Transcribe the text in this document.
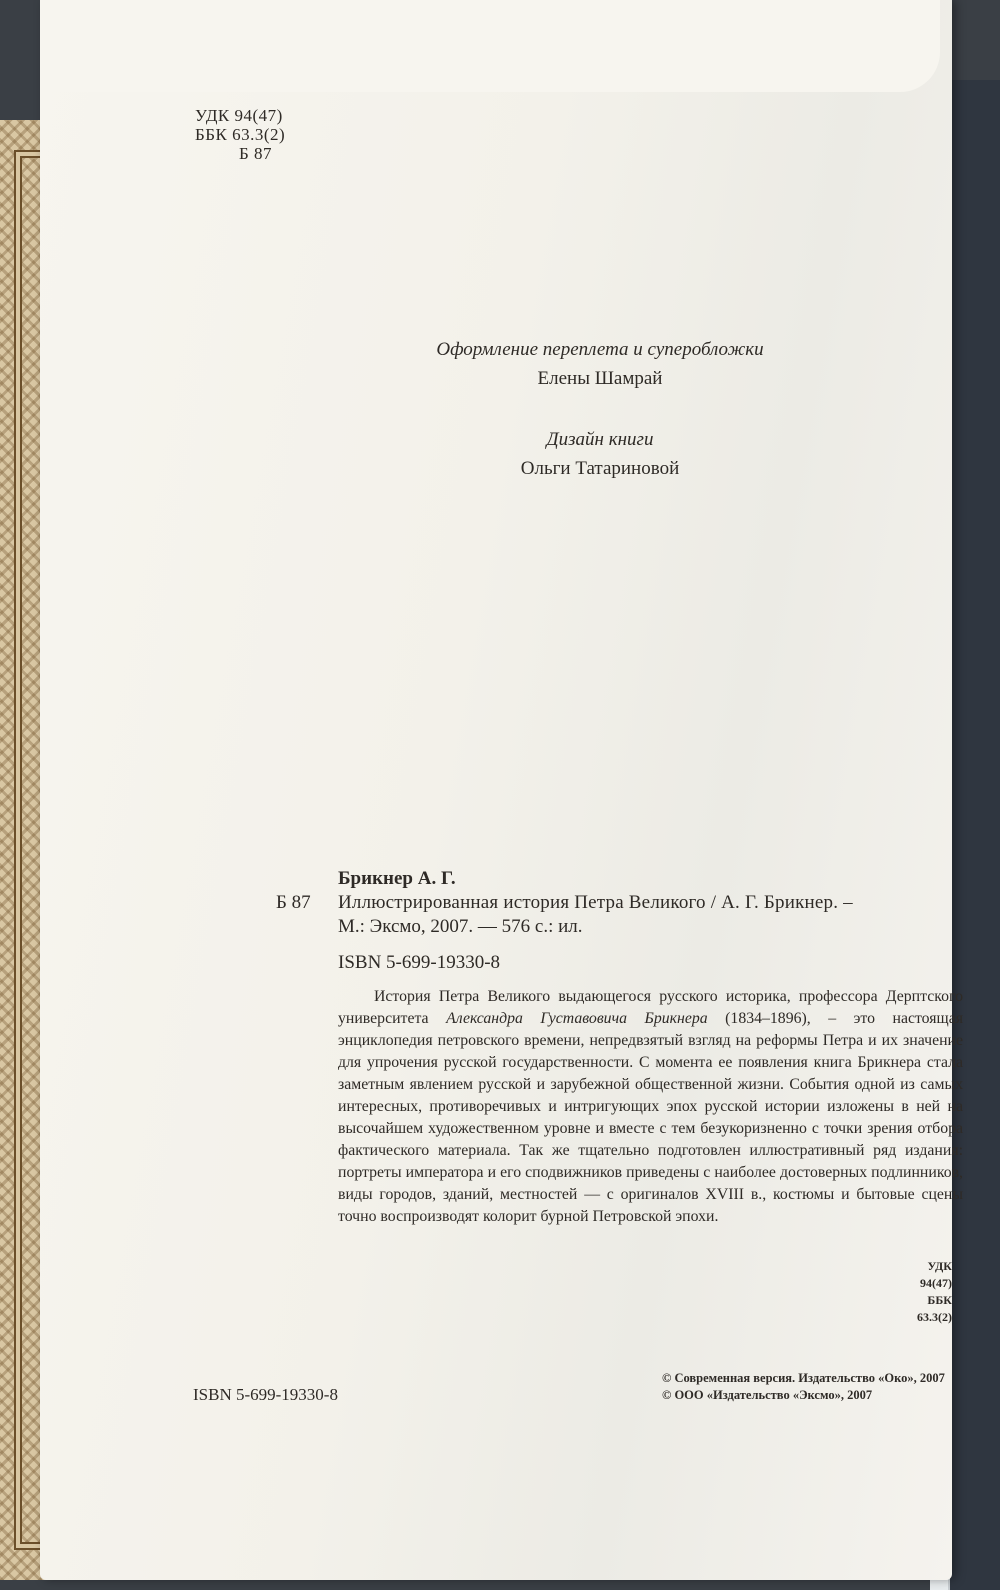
УДК 94(47)
ББК 63.3(2)
Б 87
Оформление переплета и суперобложки
Елены Шамрай
Дизайн книги
Ольги Татариновой
Брикнер А. Г.
Б 87 Иллюстрированная история Петра Великого / А. Г. Брикнер. –
М.: Эксмо, 2007. — 576 с.: ил.
ISBN 5-699-19330-8

История Петра Великого выдающегося русского историка, профессора Дерптского университета Александра Густавовича Брикнера (1834–1896), – это настоящая энциклопедия петровского времени, непредвзятый взгляд на реформы Петра и их значение для упрочения русской государственности. С момента ее появления книга Брикнера стала заметным явлением русской и зарубежной общественной жизни. События одной из самых интересных, противоречивых и интригующих эпох русской истории изложены в ней на высочайшем художественном уровне и вместе с тем безукоризненно с точки зрения отбора фактического материала. Так же тщательно подготовлен иллюстративный ряд издания: портреты императора и его сподвижников приведены с наиболее достоверных подлинников, виды городов, зданий, местностей — с оригиналов XVIII в., костюмы и бытовые сцены точно воспроизводят колорит бурной Петровской эпохи.

УДК 94(47)
ББК 63.3(2)
ISBN 5-699-19330-8
© Современная версия. Издательство «Око», 2007
© ООО «Издательство «Эксмо», 2007
